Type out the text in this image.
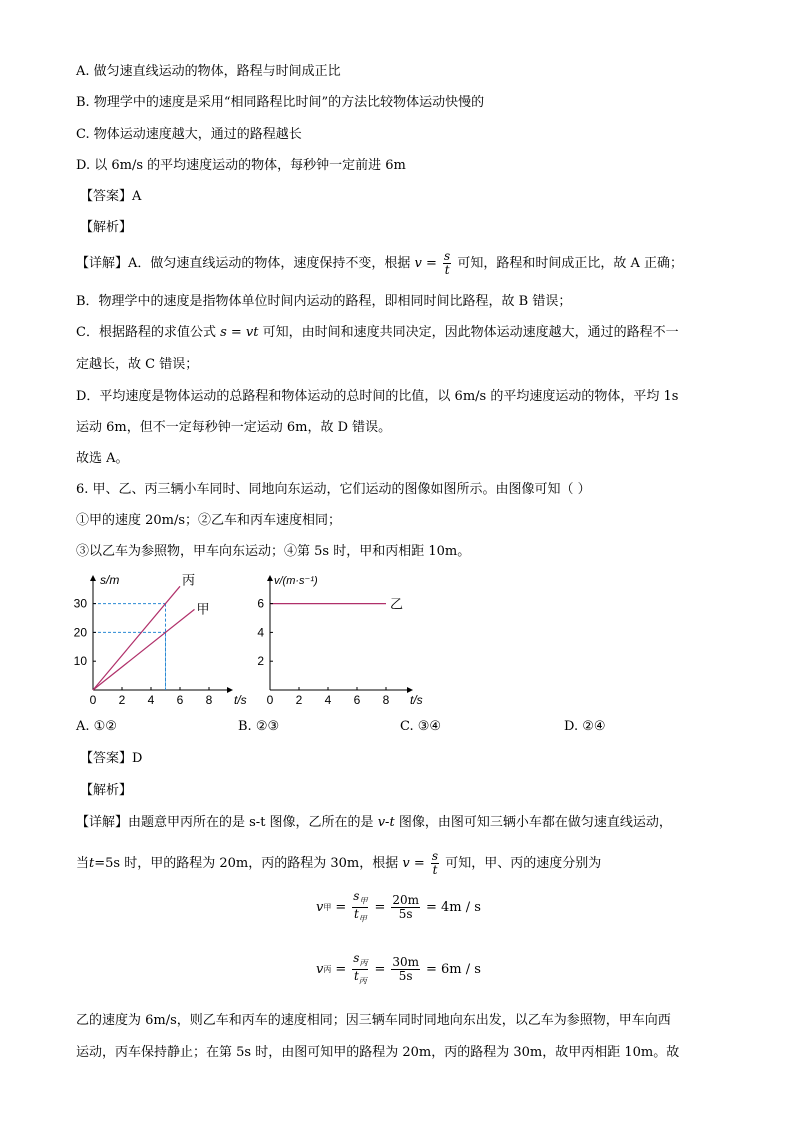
A. 做匀速直线运动的物体，路程与时间成正比
B. 物理学中的速度是采用“相同路程比时间”的方法比较物体运动快慢的
C. 物体运动速度越大，通过的路程越长
D. 以 6m/s 的平均速度运动的物体，每秒钟一定前进 6m
【答案】A
【解析】
【详解】A．做匀速直线运动的物体，速度保持不变，根据 $v = \frac{s}{t}$ 可知，路程和时间成正比，故 A 正确；
B．物理学中的速度是指物体单位时间内运动的路程，即相同时间比路程，故 B 错误；
C．根据路程的求值公式 s = vt 可知，由时间和速度共同决定，因此物体运动速度越大，通过的路程不一
定越长，故 C 错误；
D．平均速度是物体运动的总路程和物体运动的总时间的比值，以 6m/s 的平均速度运动的物体，平均 1s
运动 6m，但不一定每秒钟一定运动 6m，故 D 错误。
故选 A。
6. 甲、乙、丙三辆小车同时、同地向东运动，它们运动的图像如图所示。由图像可知（ ）
①甲的速度 20m/s；②乙车和丙车速度相同；
③以乙车为参照物，甲车向东运动；④第 5s 时，甲和丙相距 10m。
s/m
t/s
丙
甲
0 2 4 6 8
10
20
30
v/(m·s⁻¹)
t/s
乙
0 2 4 6 8
2
4
6
A. ①②	B. ②③	C. ③④	D. ②④
【答案】D
【解析】
【详解】由题意甲丙所在的是 s-t 图像，乙所在的是 v-t 图像，由图可知三辆小车都在做匀速直线运动，
当t=5s 时，甲的路程为 20m，丙的路程为 30m，根据 $v = \frac{s}{t}$ 可知，甲、丙的速度分别为
v 甲 = $\frac{s_甲}{t_甲} = \frac{20m}{5s} = 4m / s$
v 丙 = $\frac{s_丙}{t_丙} = \frac{30m}{5s} = 6m / s$
乙的速度为 6m/s，则乙车和丙车的速度相同；因三辆车同时同地向东出发，以乙车为参照物，甲车向西
运动，丙车保持静止；在第 5s 时，由图可知甲的路程为 20m，丙的路程为 30m，故甲丙相距 10m。故
